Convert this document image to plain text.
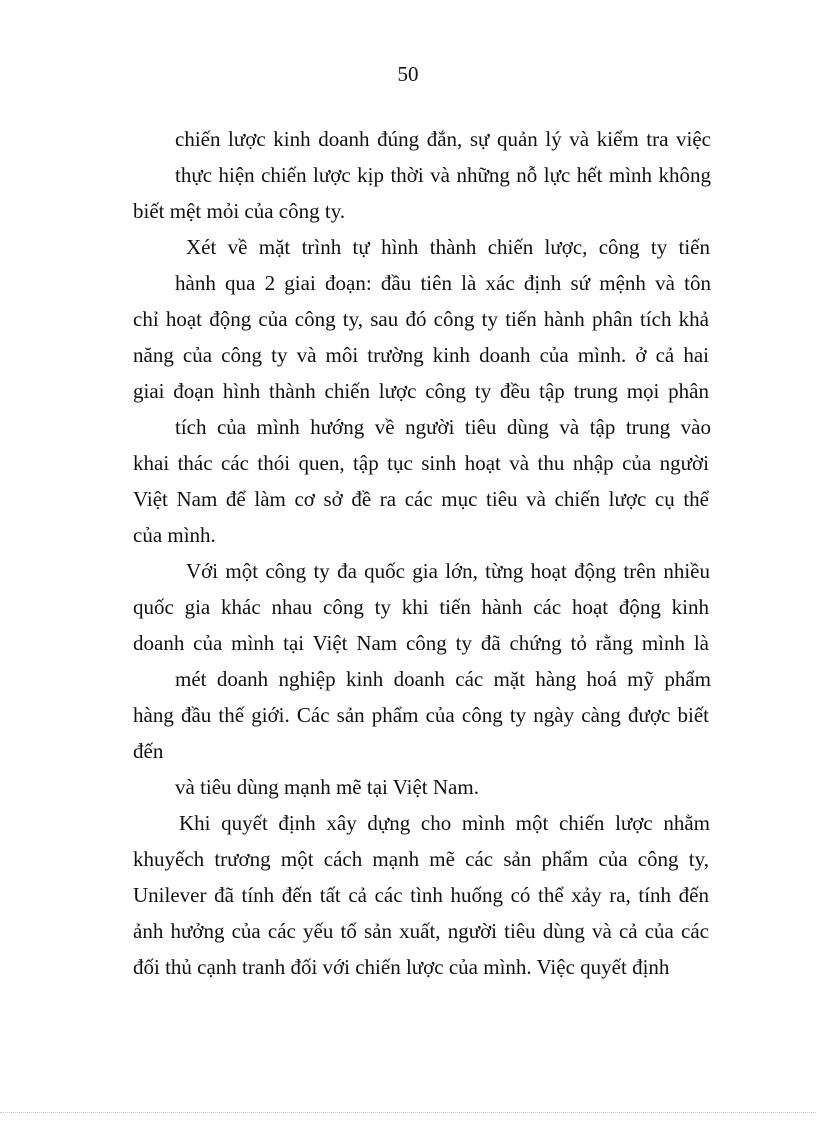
50
chiến lược kinh doanh đúng đắn, sự quản lý và kiểm tra việc
thực hiện chiến lược kịp thời và những nỗ lực hết mình không
biết mệt mỏi của công ty.
Xét về mặt trình tự hình thành chiến lược, công ty tiến
hành qua 2 giai đoạn: đầu tiên là xác định sứ mệnh và tôn
chỉ hoạt động của công ty, sau đó công ty tiến hành phân tích khả
năng của công ty và môi trường kinh doanh của mình. ở cả hai
giai đoạn hình thành chiến lược công ty đều tập trung mọi phân
tích của mình hướng về người tiêu dùng và tập trung vào
khai thác các thói quen, tập tục sinh hoạt và thu nhập của người
Việt Nam để làm cơ sở đề ra các mục tiêu và chiến lược cụ thể
của mình.
Với một công ty đa quốc gia lớn, từng hoạt động trên nhiều
quốc gia khác nhau công ty khi tiến hành các hoạt động kinh
doanh của mình tại Việt Nam công ty đã chứng tỏ rằng mình là
mét doanh nghiệp kinh doanh các mặt hàng hoá mỹ phẩm
hàng đầu thế giới. Các sản phẩm của công ty ngày càng được biết
đến
và tiêu dùng mạnh mẽ tại Việt Nam.
Khi quyết định xây dựng cho mình một chiến lược nhằm
khuyếch trương một cách mạnh mẽ các sản phẩm của công ty,
Unilever đã tính đến tất cả các tình huống có thể xảy ra, tính đến
ảnh hưởng của các yếu tố sản xuất, người tiêu dùng và cả của các
đối thủ cạnh tranh đối với chiến lược của mình. Việc quyết định
